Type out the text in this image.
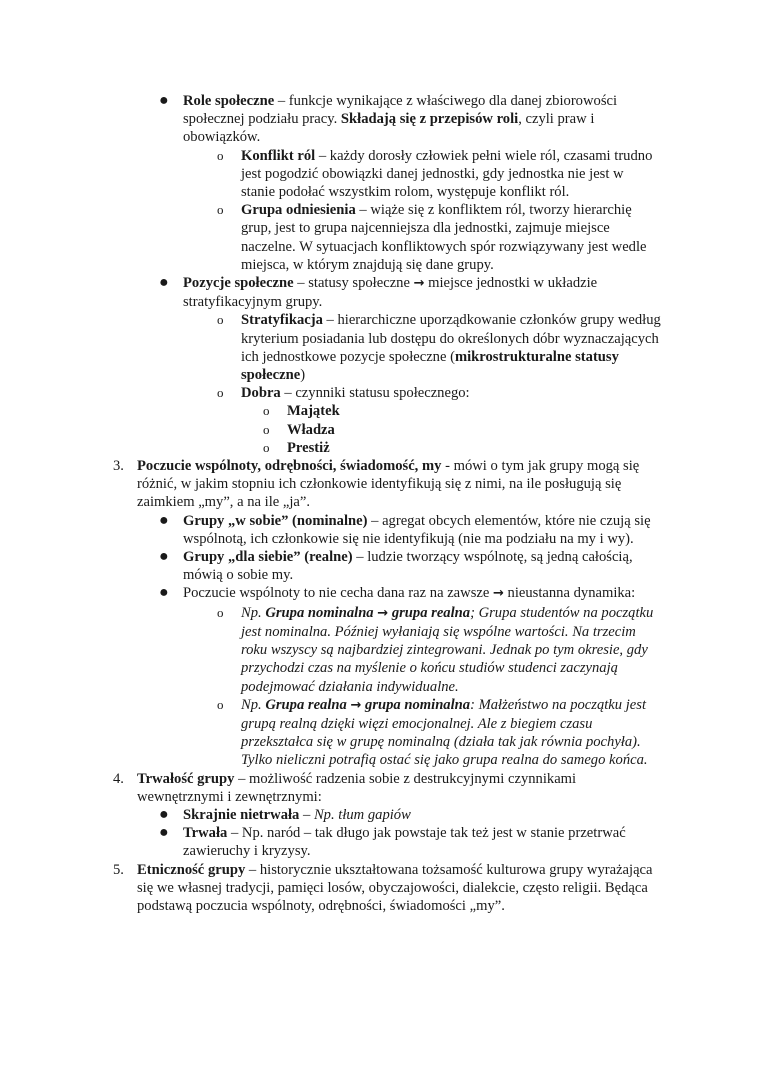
● Role społeczne – funkcje wynikające z właściwego dla danej zbiorowości społecznej podziału pracy. Składają się z przepisów roli, czyli praw i obowiązków.
o Konflikt ról – każdy dorosły człowiek pełni wiele ról, czasami trudno jest pogodzić obowiązki danej jednostki, gdy jednostka nie jest w stanie podołać wszystkim rolom, występuje konflikt ról.
o Grupa odniesienia – wiąże się z konfliktem ról, tworzy hierarchię grup, jest to grupa najcenniejsza dla jednostki, zajmuje miejsce naczelne. W sytuacjach konfliktowych spór rozwiązywany jest wedle miejsca, w którym znajdują się dane grupy.
● Pozycje społeczne – statusy społeczne → miejsce jednostki w układzie stratyfikacyjnym grupy.
o Stratyfikacja – hierarchiczne uporządkowanie członków grupy według kryterium posiadania lub dostępu do określonych dóbr wyznaczających ich jednostkowe pozycje społeczne (mikrostrukturalne statusy społeczne)
o Dobra – czynniki statusu społecznego:
o Majątek
o Władza
o Prestiż
3. Poczucie wspólnoty, odrębności, świadomość, my - mówi o tym jak grupy mogą się różnić, w jakim stopniu ich członkowie identyfikują się z nimi, na ile posługują się zaimkiem „my”, a na ile „ja”.
● Grupy „w sobie” (nominalne) – agregat obcych elementów, które nie czują się wspólnotą, ich członkowie się nie identyfikują (nie ma podziału na my i wy).
● Grupy „dla siebie” (realne) – ludzie tworzący wspólnotę, są jedną całością, mówią o sobie my.
● Poczucie wspólnoty to nie cecha dana raz na zawsze → nieustanna dynamika:
o Np. Grupa nominalna → grupa realna; Grupa studentów na początku jest nominalna. Później wyłaniają się wspólne wartości. Na trzecim roku wszyscy są najbardziej zintegrowani. Jednak po tym okresie, gdy przychodzi czas na myślenie o końcu studiów studenci zaczynają podejmować działania indywidualne.
o Np. Grupa realna → grupa nominalna: Małżeństwo na początku jest grupą realną dzięki więzi emocjonalnej. Ale z biegiem czasu przekształca się w grupę nominalną (działa tak jak równia pochyła). Tylko nieliczni potrafią ostać się jako grupa realna do samego końca.
4. Trwałość grupy – możliwość radzenia sobie z destrukcyjnymi czynnikami wewnętrznymi i zewnętrznymi:
● Skrajnie nietrwała – Np. tłum gapiów
● Trwała – Np. naród – tak długo jak powstaje tak też jest w stanie przetrwać zawieruchy i kryzysy.
5. Etniczność grupy – historycznie ukształtowana tożsamość kulturowa grupy wyrażająca się we własnej tradycji, pamięci losów, obyczajowości, dialekcie, często religii. Będąca podstawą poczucia wspólnoty, odrębności, świadomości „my”.
